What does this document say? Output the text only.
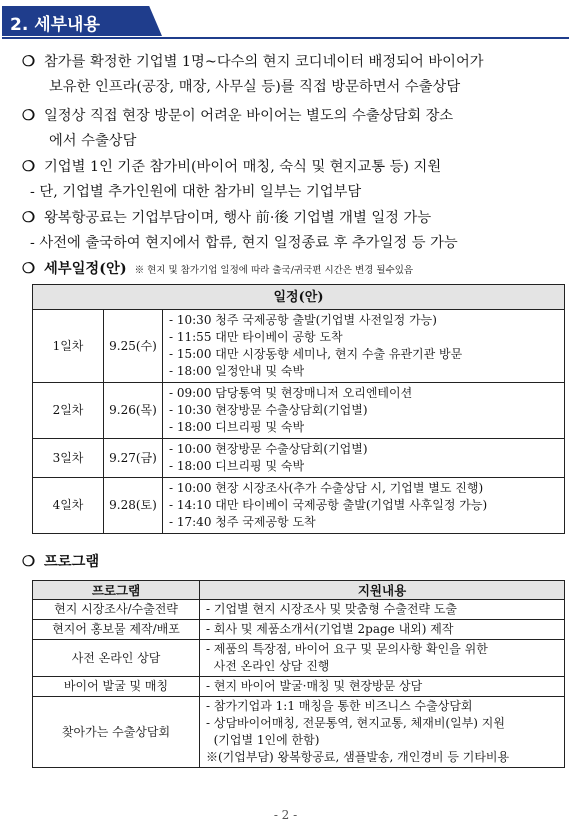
2. 세부내용
❍ 참가를 확정한 기업별 1명~다수의 현지 코디네이터 배정되어 바이어가
보유한 인프라(공장, 매장, 사무실 등)를 직접 방문하면서 수출상담
❍ 일정상 직접 현장 방문이 어려운 바이어는 별도의 수출상담회 장소
에서 수출상담
❍ 기업별 1인 기준 참가비(바이어 매칭, 숙식 및 현지교통 등) 지원
- 단, 기업별 추가인원에 대한 참가비 일부는 기업부담
❍ 왕복항공료는 기업부담이며, 행사 前·後 기업별 개별 일정 가능
- 사전에 출국하여 현지에서 합류, 현지 일정종료 후 추가일정 등 가능
❍ 세부일정(안) ※ 현지 및 참가기업 일정에 따라 출국/귀국편 시간은 변경 될수있음
일정(안)		
1일차	9.25(수)	- 10:30 청주 국제공항 출발(기업별 사전일정 가능)
- 11:55 대만 타이베이 공항 도착
- 15:00 대만 시장동향 세미나, 현지 수출 유관기관 방문
- 18:00 일정안내 및 숙박

2일차	9.26(목)	- 09:00 담당통역 및 현장매니저 오리엔테이션
- 10:30 현장방문 수출상담회(기업별)
- 18:00 디브리핑 및 숙박

3일차	9.27(금)	- 10:00 현장방문 수출상담회(기업별)
- 18:00 디브리핑 및 숙박

4일차	9.28(토)	- 10:00 현장 시장조사(추가 수출상담 시, 기업별 별도 진행)
- 14:10 대만 타이베이 국제공항 출발(기업별 사후일정 가능)
- 17:40 청주 국제공항 도착
❍ 프로그램
프로그램	지원내용
현지 시장조사/수출전략	- 기업별 현지 시장조사 및 맞춤형 수출전략 도출

현지어 홍보물 제작/배포	- 회사 및 제품소개서(기업별 2page 내외) 제작

사전 온라인 상담	- 제품의 특장점, 바이어 요구 및 문의사항 확인을 위한
사전 온라인 상담 진행

바이어 발굴 및 매칭	- 현지 바이어 발굴·매칭 및 현장방문 상담

찾아가는 수출상담회	- 참가기업과 1:1 매칭을 통한 비즈니스 수출상담회
- 상담바이어매칭, 전문통역, 현지교통, 체재비(일부) 지원
(기업별 1인에 한함)
※(기업부담) 왕복항공료, 샘플발송, 개인경비 등 기타비용
- 2 -
